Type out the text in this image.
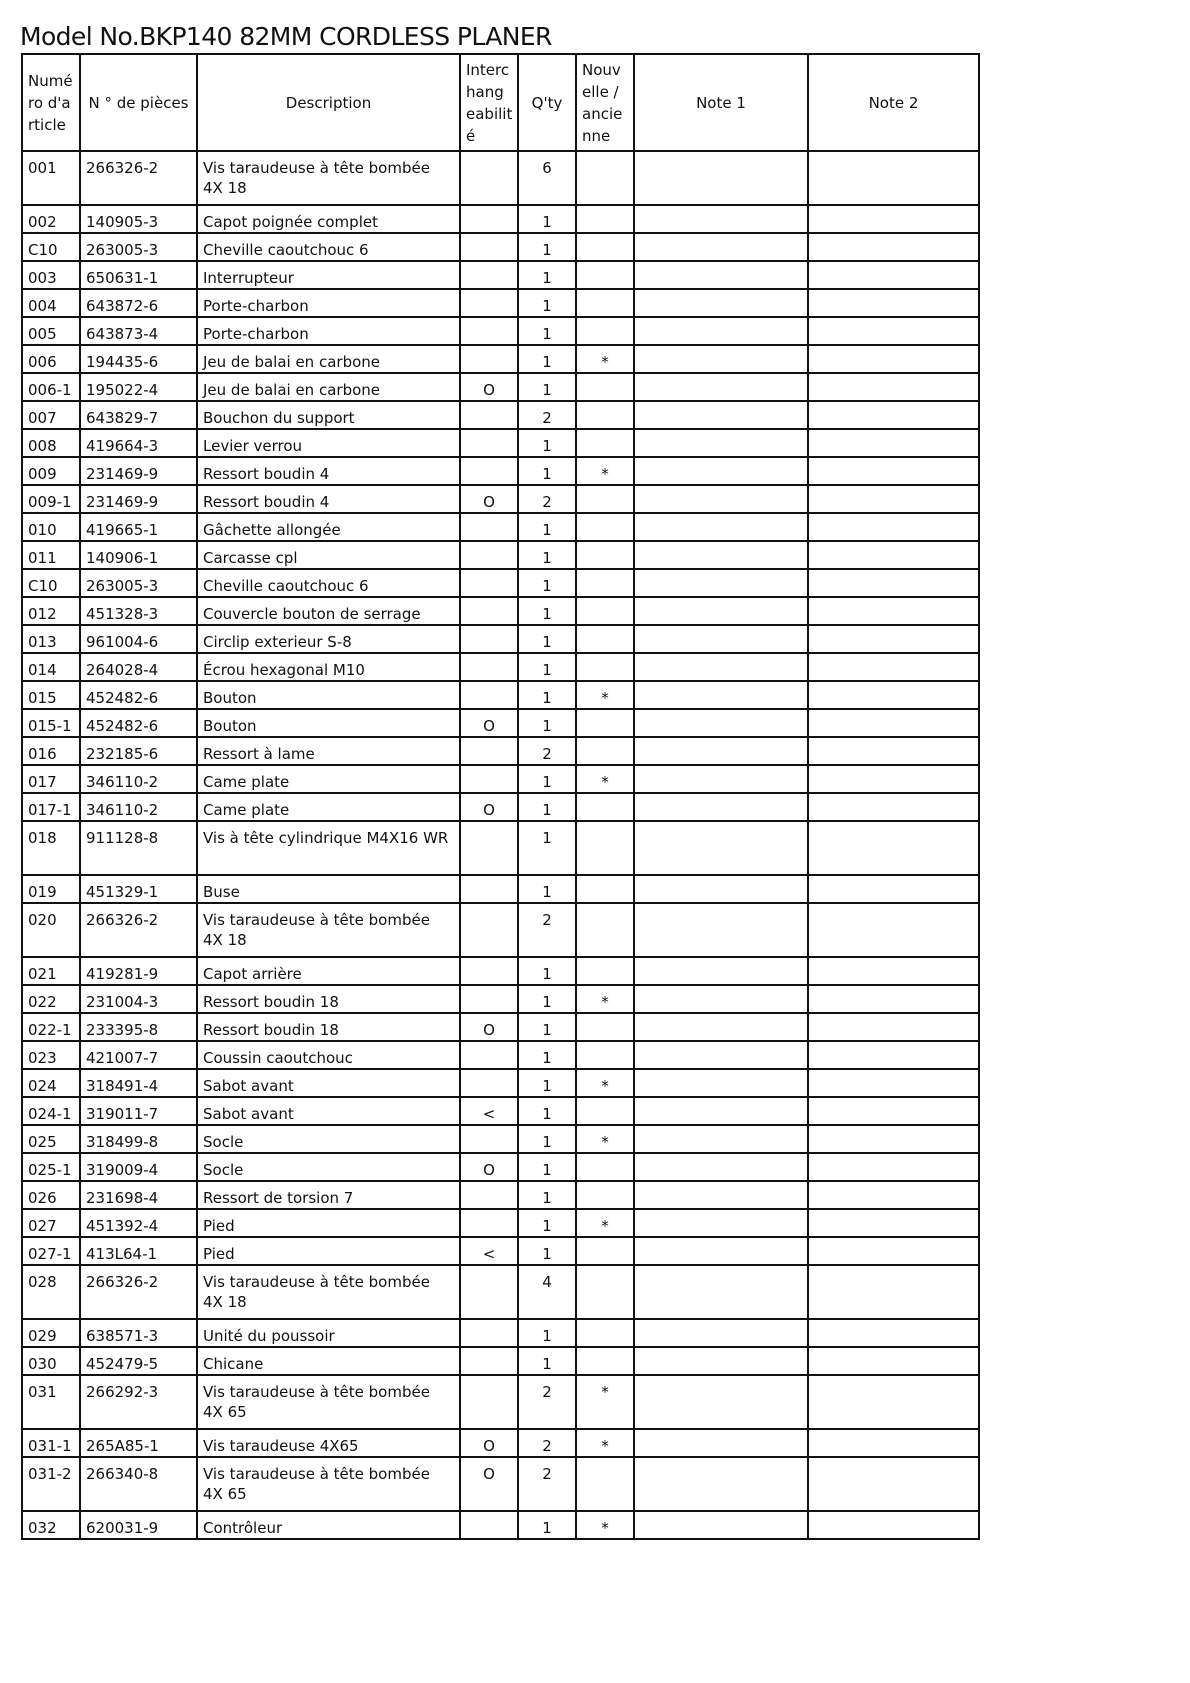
Model No.BKP140 82MM CORDLESS PLANER
Numé ro d'a rticle	N ° de pièces	Description	Interc hang eabilit é	Q'ty	Nouv elle / ancie nne	Note 1	Note 2
001	266326-2	Vis taraudeuse à tête bombée 4X 18		6			
002	140905-3	Capot poignée complet		1			
C10	263005-3	Cheville caoutchouc 6		1			
003	650631-1	Interrupteur		1			
004	643872-6	Porte-charbon		1			
005	643873-4	Porte-charbon		1			
006	194435-6	Jeu de balai en carbone		1	*		
006-1	195022-4	Jeu de balai en carbone	O	1			
007	643829-7	Bouchon du support		2			
008	419664-3	Levier verrou		1			
009	231469-9	Ressort boudin 4		1	*		
009-1	231469-9	Ressort boudin 4	O	2			
010	419665-1	Gâchette allongée		1			
011	140906-1	Carcasse cpl		1			
C10	263005-3	Cheville caoutchouc 6		1			
012	451328-3	Couvercle bouton de serrage		1			
013	961004-6	Circlip exterieur S-8		1			
014	264028-4	Écrou hexagonal M10		1			
015	452482-6	Bouton		1	*		
015-1	452482-6	Bouton	O	1			
016	232185-6	Ressort à lame		2			
017	346110-2	Came plate		1	*		
017-1	346110-2	Came plate	O	1			
018	911128-8	Vis à tête cylindrique M4X16 WR		1			
019	451329-1	Buse		1			
020	266326-2	Vis taraudeuse à tête bombée 4X 18		2			
021	419281-9	Capot arrière		1			
022	231004-3	Ressort boudin 18		1	*		
022-1	233395-8	Ressort boudin 18	O	1			
023	421007-7	Coussin caoutchouc		1			
024	318491-4	Sabot avant		1	*		
024-1	319011-7	Sabot avant	<	1			
025	318499-8	Socle		1	*		
025-1	319009-4	Socle	O	1			
026	231698-4	Ressort de torsion 7		1			
027	451392-4	Pied		1	*		
027-1	413L64-1	Pied	<	1			
028	266326-2	Vis taraudeuse à tête bombée 4X 18		4			
029	638571-3	Unité du poussoir		1			
030	452479-5	Chicane		1			
031	266292-3	Vis taraudeuse à tête bombée 4X 65		2	*		
031-1	265A85-1	Vis taraudeuse 4X65	O	2	*		
031-2	266340-8	Vis taraudeuse à tête bombée 4X 65	O	2			
032	620031-9	Contrôleur		1	*		
